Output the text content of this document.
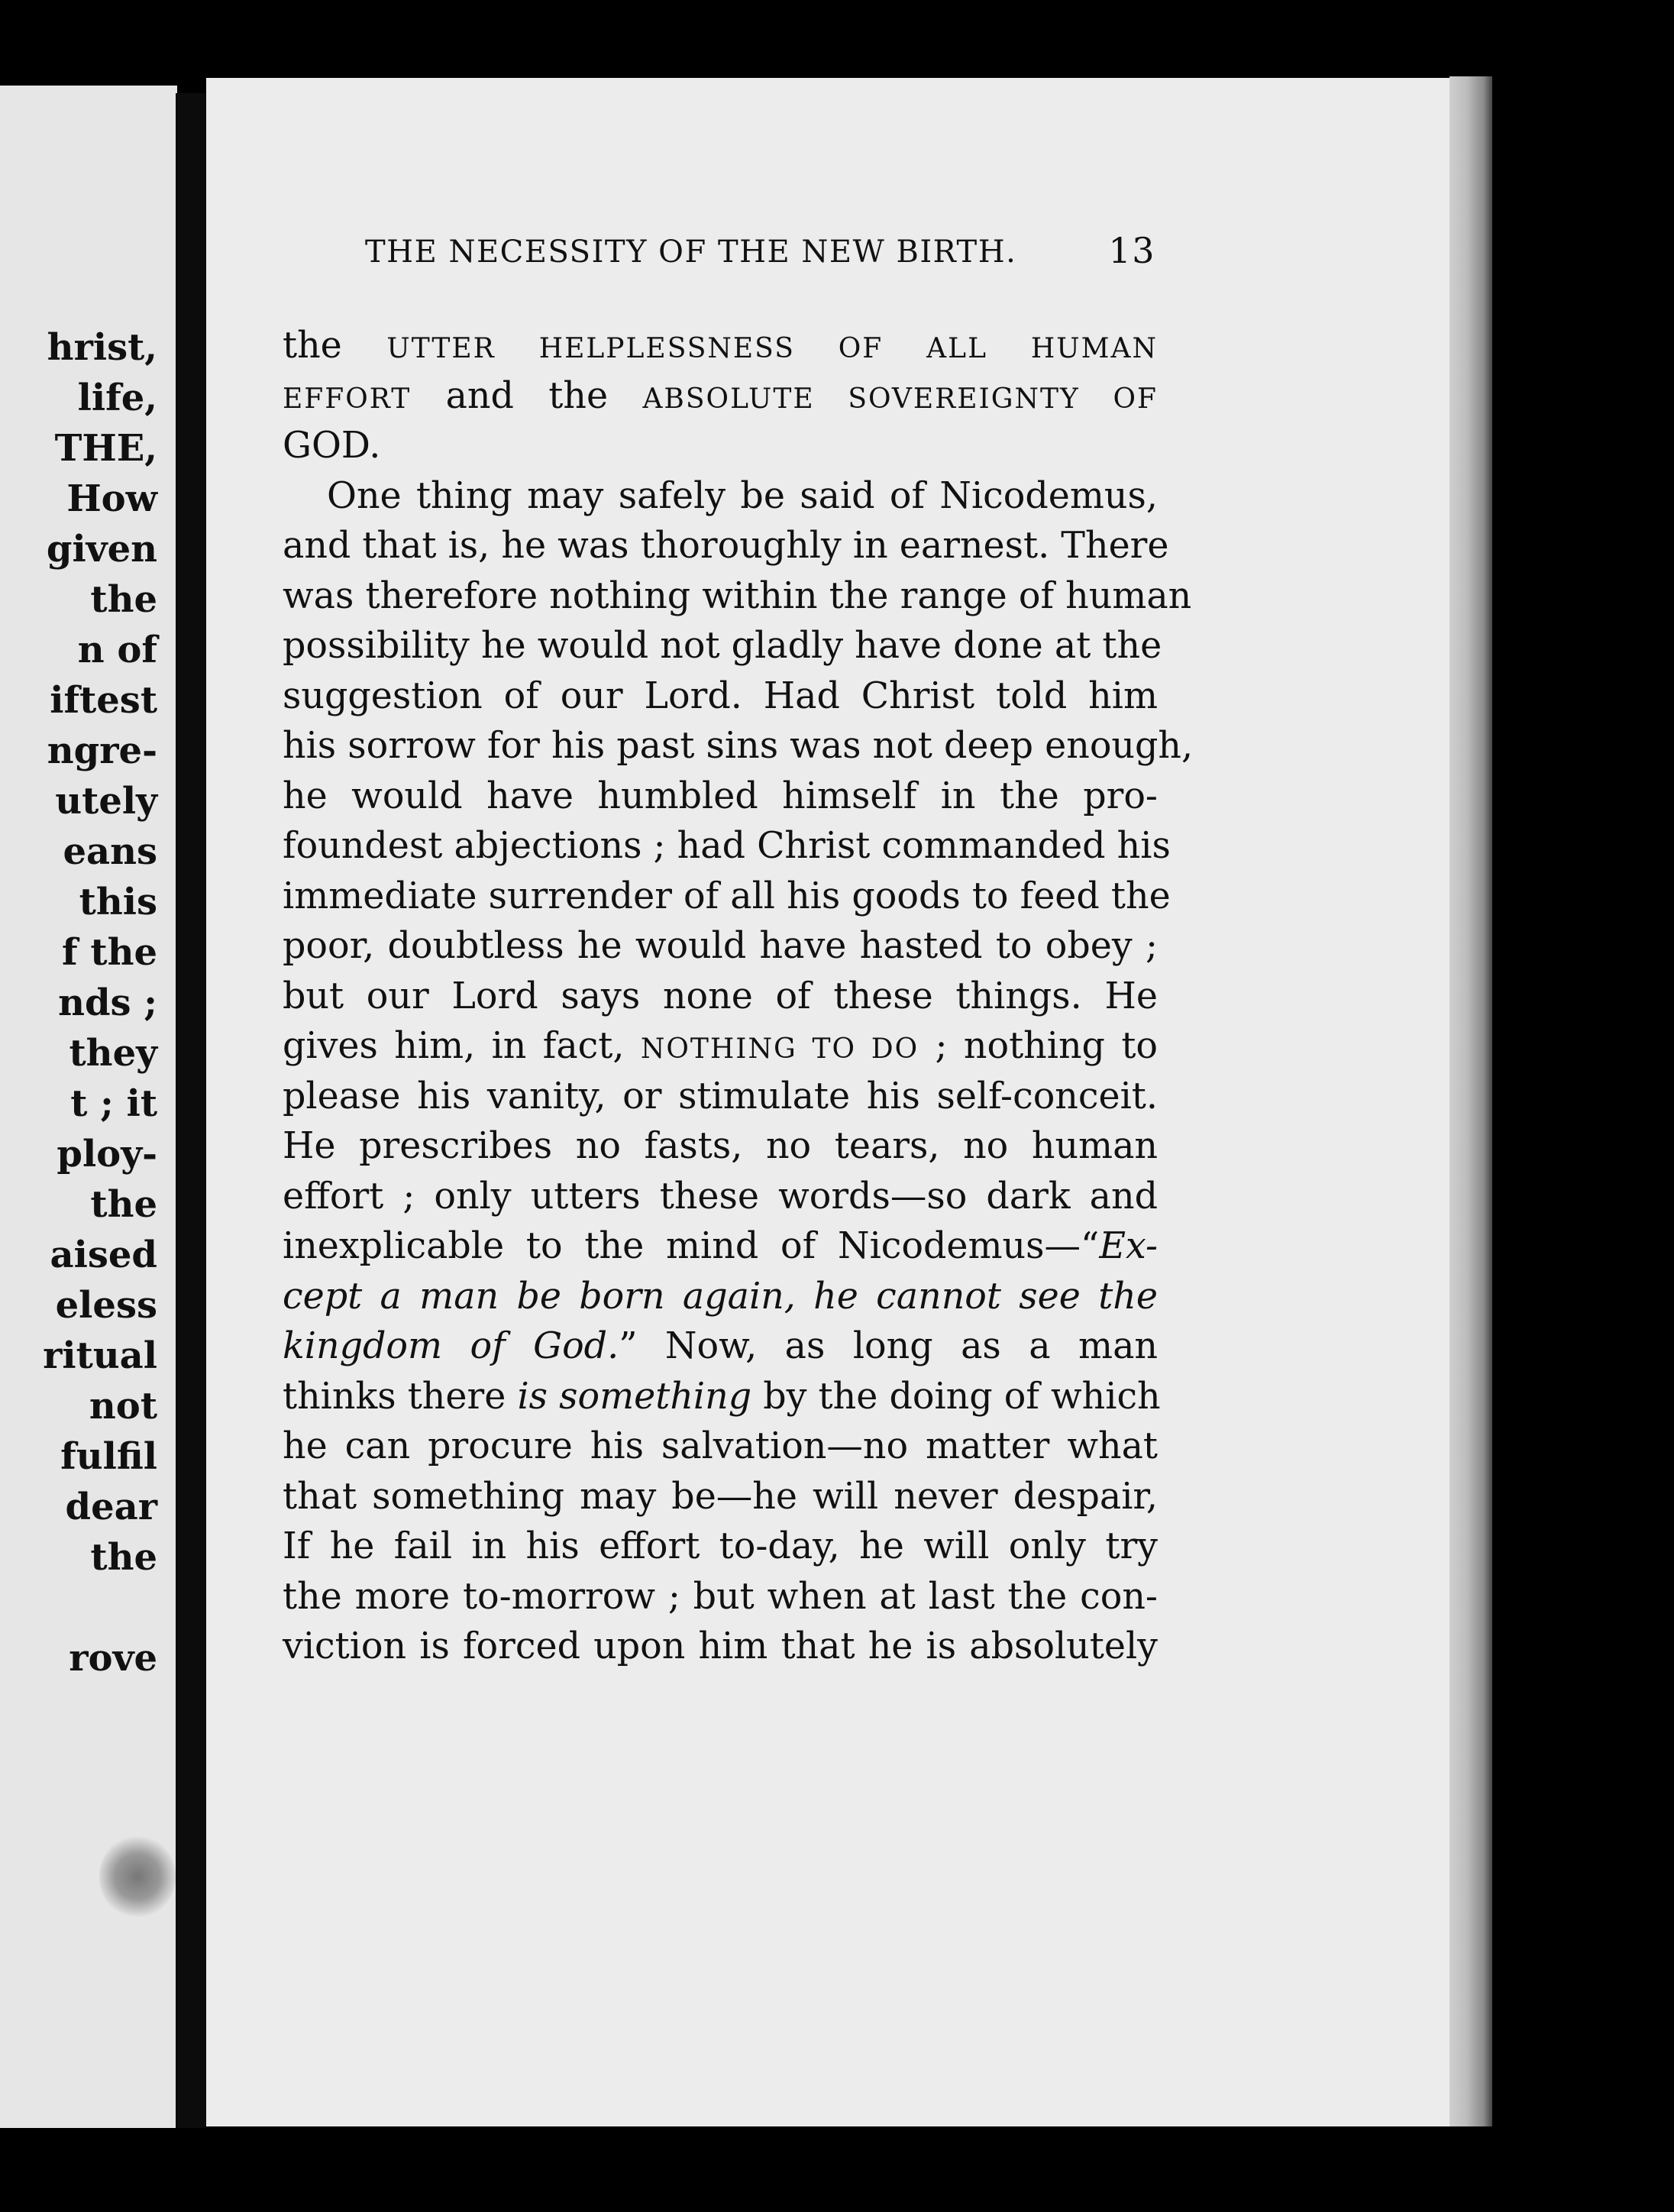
hrist,
life,
THE,
How
given
the
n of
iftest
ngre-
utely
eans
this
f the
nds ;
they
t ; it
ploy-
the
aised
eless
ritual
not
fulfil
dear
the
rove
THE NECESSITY OF THE NEW BIRTH.	13
the UTTER HELPLESSNESS OF ALL HUMAN
EFFORT and the ABSOLUTE SOVEREIGNTY OF
GOD.
One thing may safely be said of Nicodemus,
and that is, he was thoroughly in earnest. There
was therefore nothing within the range of human
possibility he would not gladly have done at the
suggestion of our Lord. Had Christ told him
his sorrow for his past sins was not deep enough,
he would have humbled himself in the pro-
foundest abjections ; had Christ commanded his
immediate surrender of all his goods to feed the
poor, doubtless he would have hasted to obey ;
but our Lord says none of these things. He
gives him, in fact, NOTHING TO DO ; nothing to
please his vanity, or stimulate his self-conceit.
He prescribes no fasts, no tears, no human
effort ; only utters these words—so dark and
inexplicable to the mind of Nicodemus—“Ex-
cept a man be born again, he cannot see the
kingdom of God.” Now, as long as a man
thinks there is something by the doing of which
he can procure his salvation—no matter what
that something may be—he will never despair,
If he fail in his effort to-day, he will only try
the more to-morrow ; but when at last the con-
viction is forced upon him that he is absolutely
